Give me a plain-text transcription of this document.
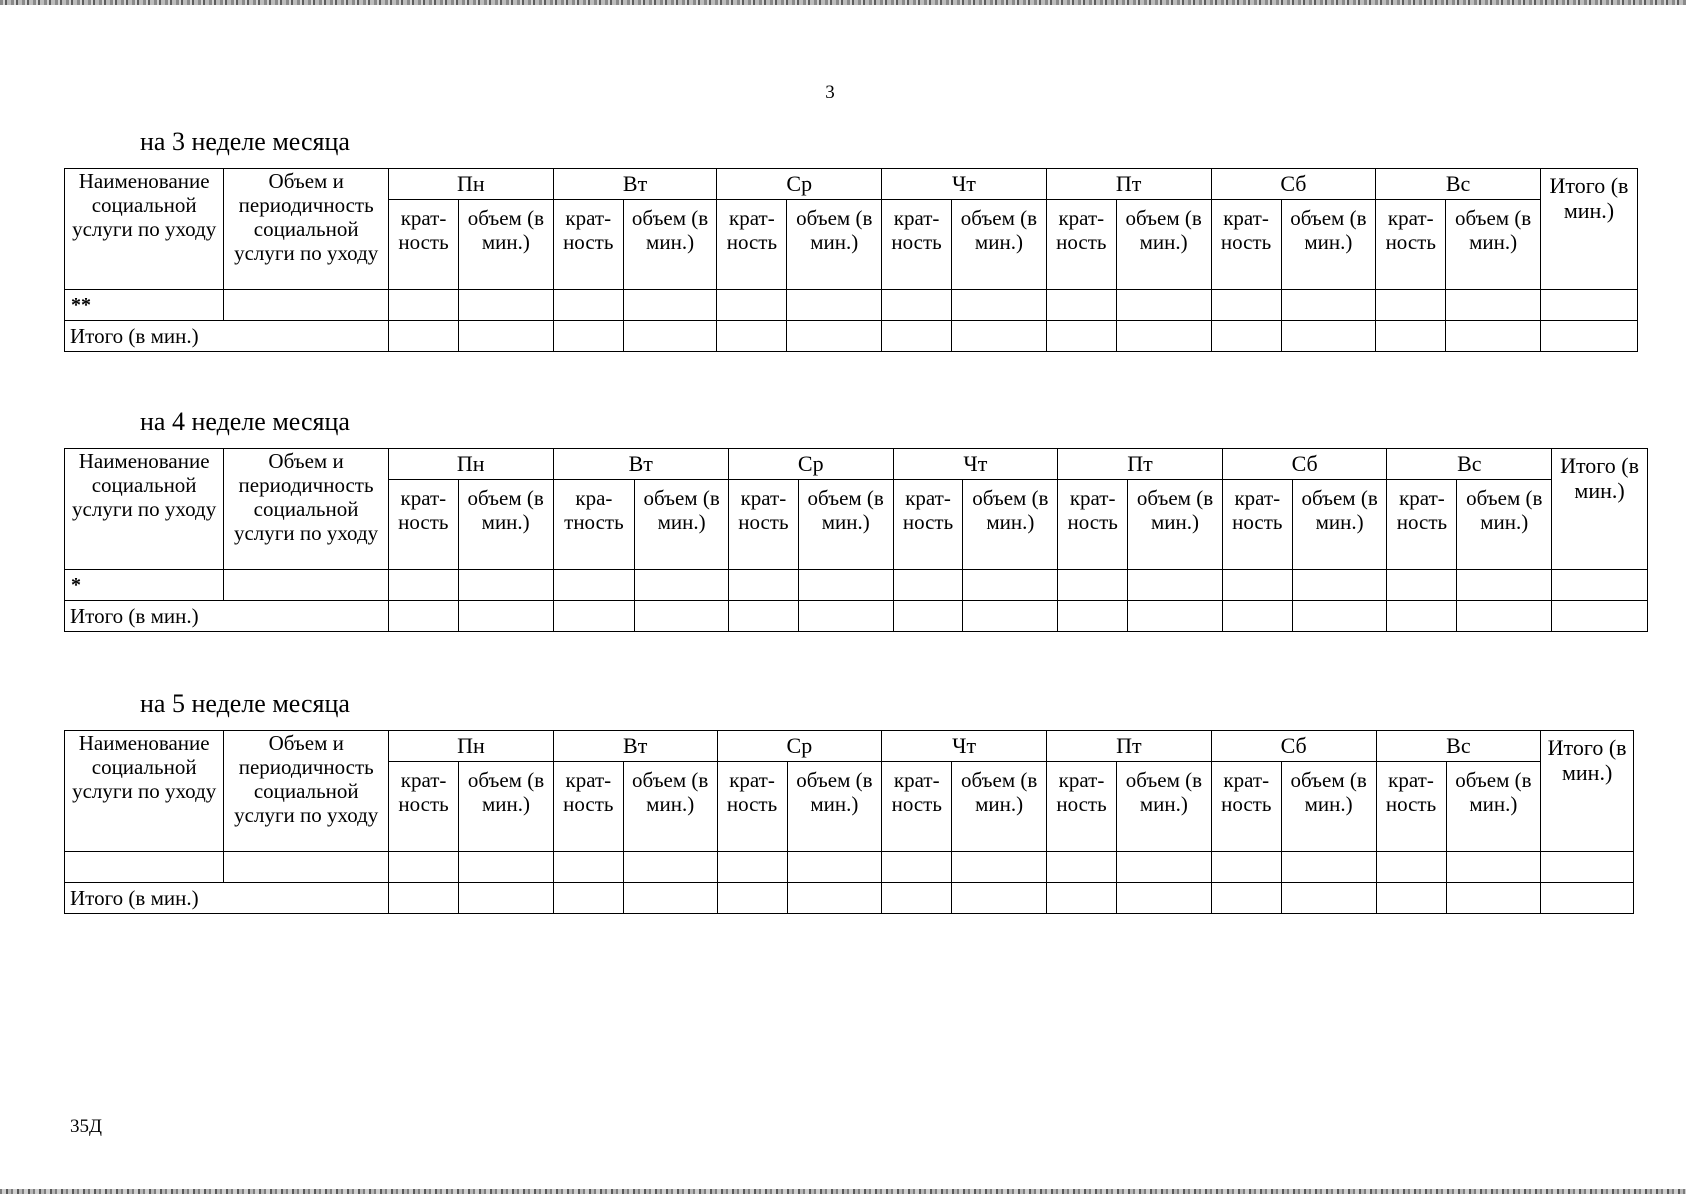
3
на 3 неделе месяца
Наименование социальной услуги по уходу	Объем и периодичность социальной услуги по уходу	Пн		Вт		Ср		Чт		Пт		Сб		Вс		Итого (в мин.)
		крат-ность	объем (в мин.)	крат-ность	объем (в мин.)	крат-ность	объем (в мин.)	крат-ность	объем (в мин.)	крат-ность	объем (в мин.)	крат-ность	объем (в мин.)	крат-ность	объем (в мин.)	
**																
Итого (в мин.)																
на 4 неделе месяца
Наименование социальной услуги по уходу	Объем и периодичность социальной услуги по уходу	Пн		Вт		Ср		Чт		Пт		Сб		Вс		Итого (в мин.)
		крат-ность	объем (в мин.)	кра-тность	объем (в мин.)	крат-ность	объем (в мин.)	крат-ность	объем (в мин.)	крат-ность	объем (в мин.)	крат-ность	объем (в мин.)	крат-ность	объем (в мин.)	
*																
Итого (в мин.)																
на 5 неделе месяца
Наименование социальной услуги по уходу	Объем и периодичность социальной услуги по уходу	Пн		Вт		Ср		Чт		Пт		Сб		Вс		Итого (в мин.)
		крат-ность	объем (в мин.)	крат-ность	объем (в мин.)	крат-ность	объем (в мин.)	крат-ность	объем (в мин.)	крат-ность	объем (в мин.)	крат-ность	объем (в мин.)	крат-ность	объем (в мин.)	

Итого (в мин.)																
35Д
